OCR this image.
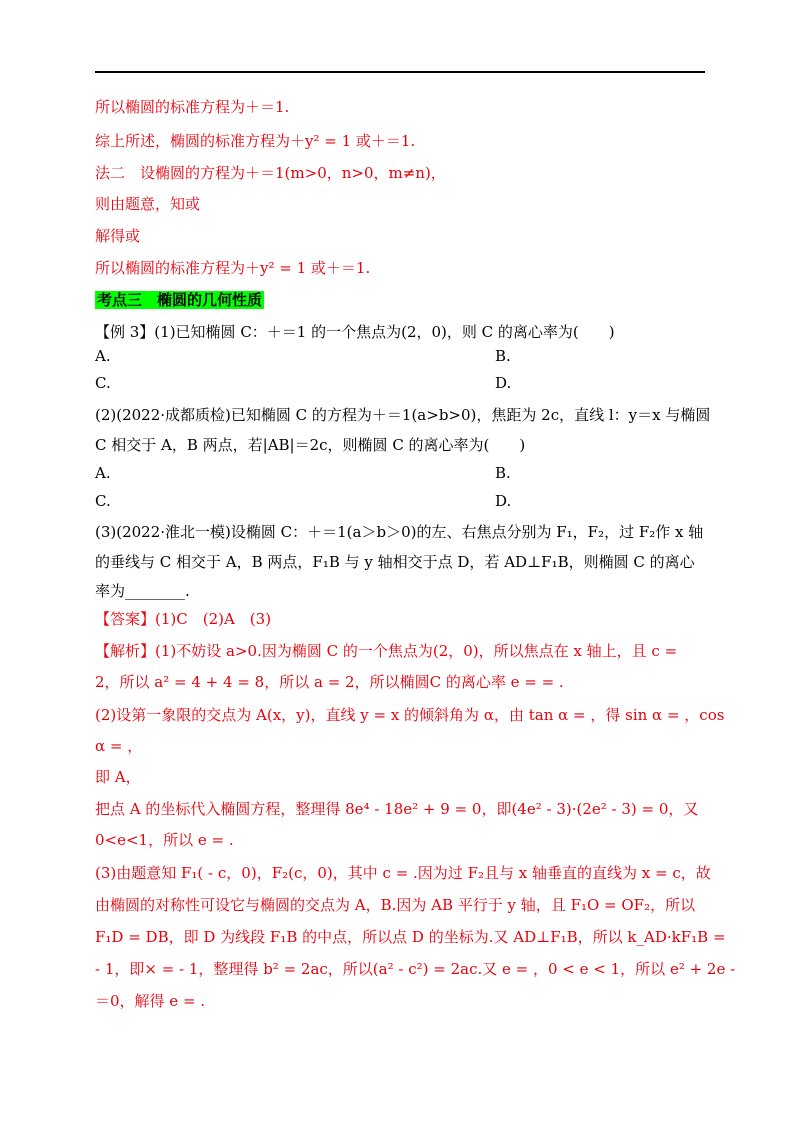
所以椭圆的标准方程为＋＝1.
综上所述，椭圆的标准方程为＋y² = 1 或＋＝1.
法二　设椭圆的方程为＋＝1(m>0，n>0，m≠n)，
则由题意，知或
解得或
所以椭圆的标准方程为＋y² = 1 或＋＝1.
考点三　椭圆的几何性质
【例 3】(1)已知椭圆 C：＋＝1 的一个焦点为(2，0)，则 C 的离心率为(　　)
A.	B.
C.	D.
(2)(2022·成都质检)已知椭圆 C 的方程为＋＝1(a>b>0)，焦距为 2c，直线 l：y＝x 与椭圆
C 相交于 A，B 两点，若|AB|＝2c，则椭圆 C 的离心率为(　　)
A.	B.
C.	D.
(3)(2022·淮北一模)设椭圆 C：＋＝1(a＞b＞0)的左、右焦点分别为 F₁，F₂，过 F₂作 x 轴
的垂线与 C 相交于 A，B 两点，F₁B 与 y 轴相交于点 D，若 AD⊥F₁B，则椭圆 C 的离心
率为________.
【答案】(1)C　(2)A　(3)
【解析】(1)不妨设 a>0.因为椭圆 C 的一个焦点为(2，0)，所以焦点在 x 轴上，且 c =
2，所以 a² = 4 + 4 = 8，所以 a = 2，所以椭圆C 的离心率 e = = .
(2)设第一象限的交点为 A(x，y)，直线 y = x 的倾斜角为 α，由 tan α = ，得 sin α = ，cos
α = ，
即 A，
把点 A 的坐标代入椭圆方程，整理得 8e⁴ - 18e² + 9 = 0，即(4e² - 3)·(2e² - 3) = 0，又
0<e<1，所以 e = .
(3)由题意知 F₁( - c，0)，F₂(c，0)，其中 c = .因为过 F₂且与 x 轴垂直的直线为 x = c，故
由椭圆的对称性可设它与椭圆的交点为 A，B.因为 AB 平行于 y 轴，且 F₁O = OF₂，所以
F₁D = DB，即 D 为线段 F₁B 的中点，所以点 D 的坐标为.又 AD⊥F₁B，所以 k_AD·kF₁B =
- 1，即× = - 1，整理得 b² = 2ac，所以(a² - c²) = 2ac.又 e = ，0 < e < 1，所以 e² + 2e -
＝0，解得 e = .
